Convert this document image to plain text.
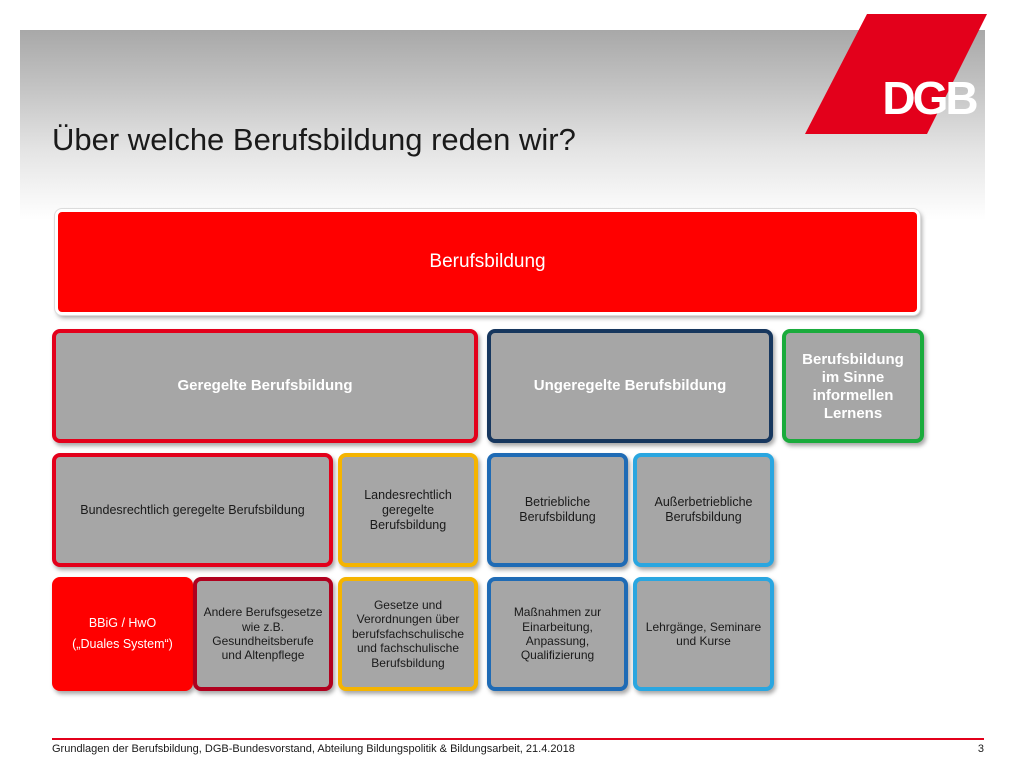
DGB
Über welche Berufsbildung reden wir?
Berufsbildung
Geregelte Berufsbildung	Ungeregelte Berufsbildung
Berufsbildung im Sinne informellen Lernens
Bundesrechtlich geregelte Berufsbildung
Landesrechtlich geregelte Berufsbildung
Betriebliche Berufsbildung
Außerbetriebliche Berufsbildung
BBiG / HwO
(„Duales System“)
Andere Berufsgesetze wie z.B. Gesundheitsberufe und Altenpflege
Gesetze und Verordnungen über berufsfachschulische und fachschulische Berufsbildung
Maßnahmen zur Einarbeitung, Anpassung, Qualifizierung
Lehrgänge, Seminare und Kurse
Grundlagen der Berufsbildung, DGB-Bundesvorstand, Abteilung Bildungspolitik & Bildungsarbeit, 21.4.2018	3
